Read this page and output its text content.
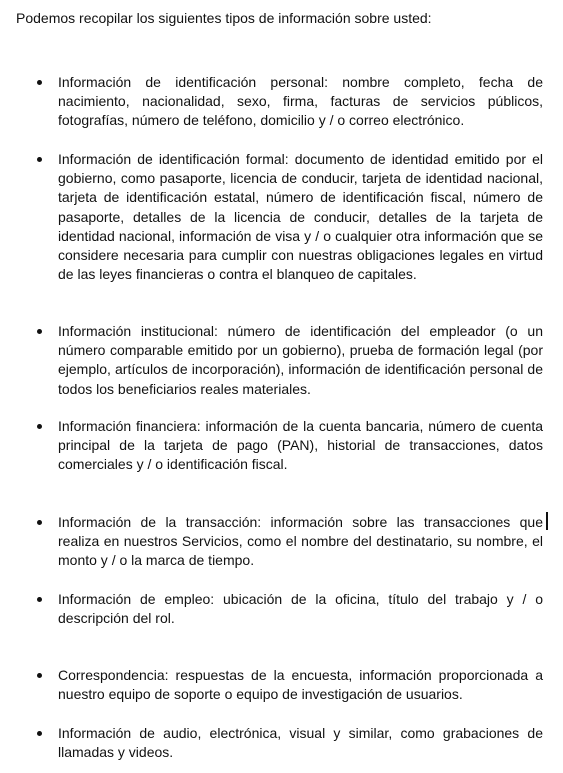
Podemos recopilar los siguientes tipos de información sobre usted:

Información de identificación personal: nombre completo, fecha de nacimiento, nacionalidad, sexo, firma, facturas de servicios públicos, fotografías, número de teléfono, domicilio y / o correo electrónico.
Información de identificación formal: documento de identidad emitido por el gobierno, como pasaporte, licencia de conducir, tarjeta de identidad nacional, tarjeta de identificación estatal, número de identificación fiscal, número de pasaporte, detalles de la licencia de conducir, detalles de la tarjeta de identidad nacional, información de visa y / o cualquier otra información que se considere necesaria para cumplir con nuestras obligaciones legales en virtud de las leyes financieras o contra el blanqueo de capitales.
Información institucional: número de identificación del empleador (o un número comparable emitido por un gobierno), prueba de formación legal (por ejemplo, artículos de incorporación), información de identificación personal de todos los beneficiarios reales materiales.
Información financiera: información de la cuenta bancaria, número de cuenta principal de la tarjeta de pago (PAN), historial de transacciones, datos comerciales y / o identificación fiscal.
Información de la transacción: información sobre las transacciones que realiza en nuestros Servicios, como el nombre del destinatario, su nombre, el monto y / o la marca de tiempo.
Información de empleo: ubicación de la oficina, título del trabajo y / o descripción del rol.
Correspondencia: respuestas de la encuesta, información proporcionada a nuestro equipo de soporte o equipo de investigación de usuarios.
Información de audio, electrónica, visual y similar, como grabaciones de llamadas y videos.
